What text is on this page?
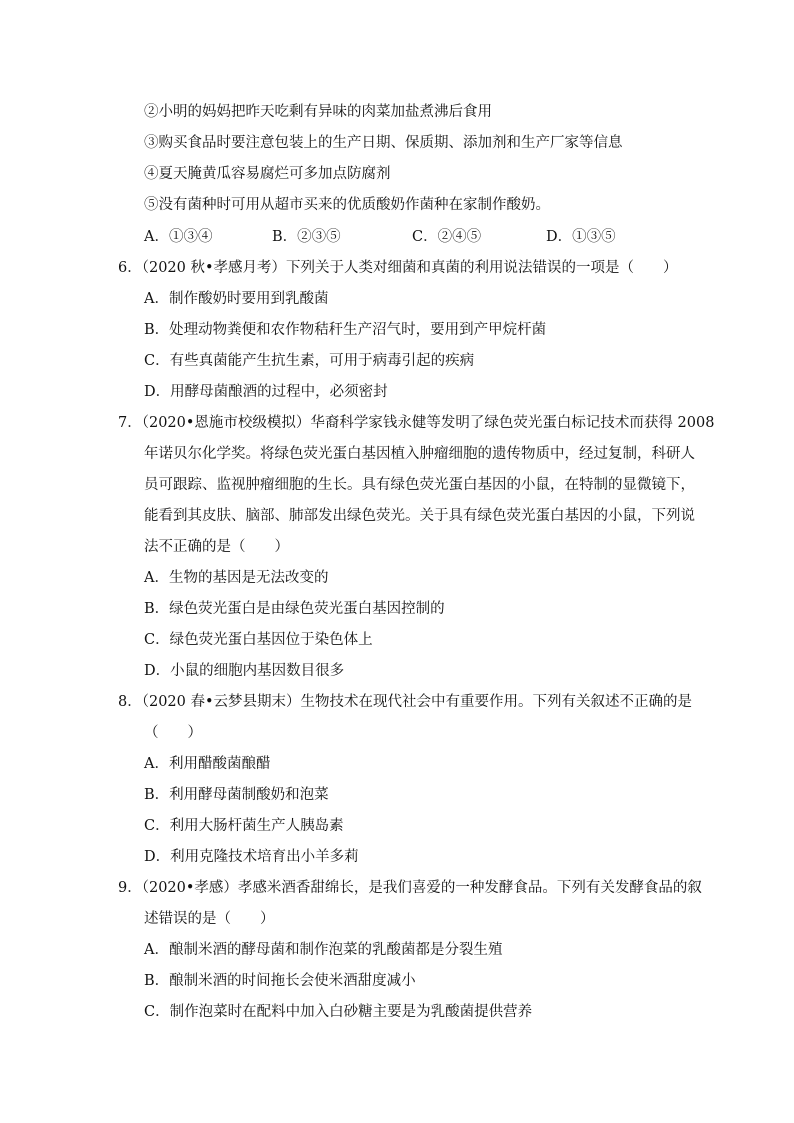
②小明的妈妈把昨天吃剩有异味的肉菜加盐煮沸后食用
③购买食品时要注意包装上的生产日期、保质期、添加剂和生产厂家等信息
④夏天腌黄瓜容易腐烂可多加点防腐剂
⑤没有菌种时可用从超市买来的优质酸奶作菌种在家制作酸奶。
A．①③④	B．②③⑤	C．②④⑤	D．①③⑤
6．（2020 秋•孝感月考）下列关于人类对细菌和真菌的利用说法错误的一项是（　　）
A．制作酸奶时要用到乳酸菌
B．处理动物粪便和农作物秸秆生产沼气时，要用到产甲烷杆菌
C．有些真菌能产生抗生素，可用于病毒引起的疾病
D．用酵母菌酿酒的过程中，必须密封
7．（2020•恩施市校级模拟）华裔科学家钱永健等发明了绿色荧光蛋白标记技术而获得 2008
年诺贝尔化学奖。将绿色荧光蛋白基因植入肿瘤细胞的遗传物质中，经过复制，科研人
员可跟踪、监视肿瘤细胞的生长。具有绿色荧光蛋白基因的小鼠，在特制的显微镜下，
能看到其皮肤、脑部、肺部发出绿色荧光。关于具有绿色荧光蛋白基因的小鼠，下列说
法不正确的是（　　）
A．生物的基因是无法改变的
B．绿色荧光蛋白是由绿色荧光蛋白基因控制的
C．绿色荧光蛋白基因位于染色体上
D．小鼠的细胞内基因数目很多
8．（2020 春•云梦县期末）生物技术在现代社会中有重要作用。下列有关叙述不正确的是
（　　）
A．利用醋酸菌酿醋
B．利用酵母菌制酸奶和泡菜
C．利用大肠杆菌生产人胰岛素
D．利用克隆技术培育出小羊多莉
9．（2020•孝感）孝感米酒香甜绵长，是我们喜爱的一种发酵食品。下列有关发酵食品的叙
述错误的是（　　）
A．酿制米酒的酵母菌和制作泡菜的乳酸菌都是分裂生殖
B．酿制米酒的时间拖长会使米酒甜度减小
C．制作泡菜时在配料中加入白砂糖主要是为乳酸菌提供营养
